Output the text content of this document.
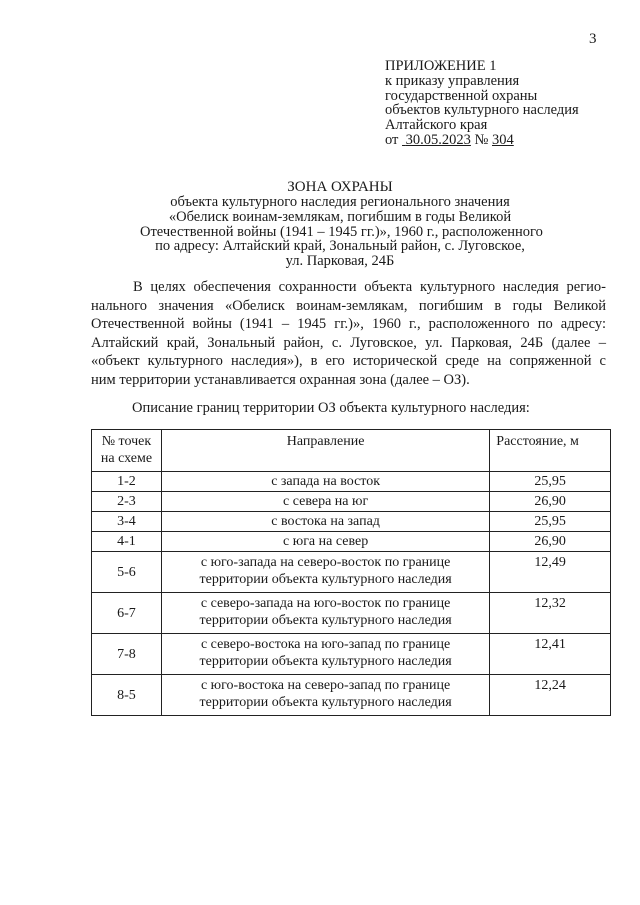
3
ПРИЛОЖЕНИЕ 1
к приказу управления
государственной охраны
объектов культурного наследия
Алтайского края
от 30.05.2023 № 304
ЗОНА ОХРАНЫ
объекта культурного наследия регионального значения
«Обелиск воинам-землякам, погибшим в годы Великой
Отечественной войны (1941 – 1945 гг.)», 1960 г., расположенного
по адресу: Алтайский край, Зональный район, с. Луговское,
ул. Парковая, 24Б
В целях обеспечения сохранности объекта культурного наследия регио-
нального значения «Обелиск воинам-землякам, погибшим в годы Великой
Отечественной войны (1941 – 1945 гг.)», 1960 г., расположенного по адресу:
Алтайский край, Зональный район, с. Луговское, ул. Парковая, 24Б (далее –
«объект культурного наследия»), в его исторической среде на сопряженной с
ним территории устанавливается охранная зона (далее – ОЗ).
Описание границ территории ОЗ объекта культурного наследия:
№ точек
на схеме	Направление	Расстояние, м
1-2	с запада на восток	25,95
2-3	с севера на юг	26,90
3-4	с востока на запад	25,95
4-1	с юга на север	26,90
5-6	с юго-запада на северо-восток по границе
территории объекта культурного наследия	12,49
6-7	с северо-запада на юго-восток по границе
территории объекта культурного наследия	12,32
7-8	с северо-востока на юго-запад по границе
территории объекта культурного наследия	12,41
8-5	с юго-востока на северо-запад по границе
территории объекта культурного наследия	12,24
